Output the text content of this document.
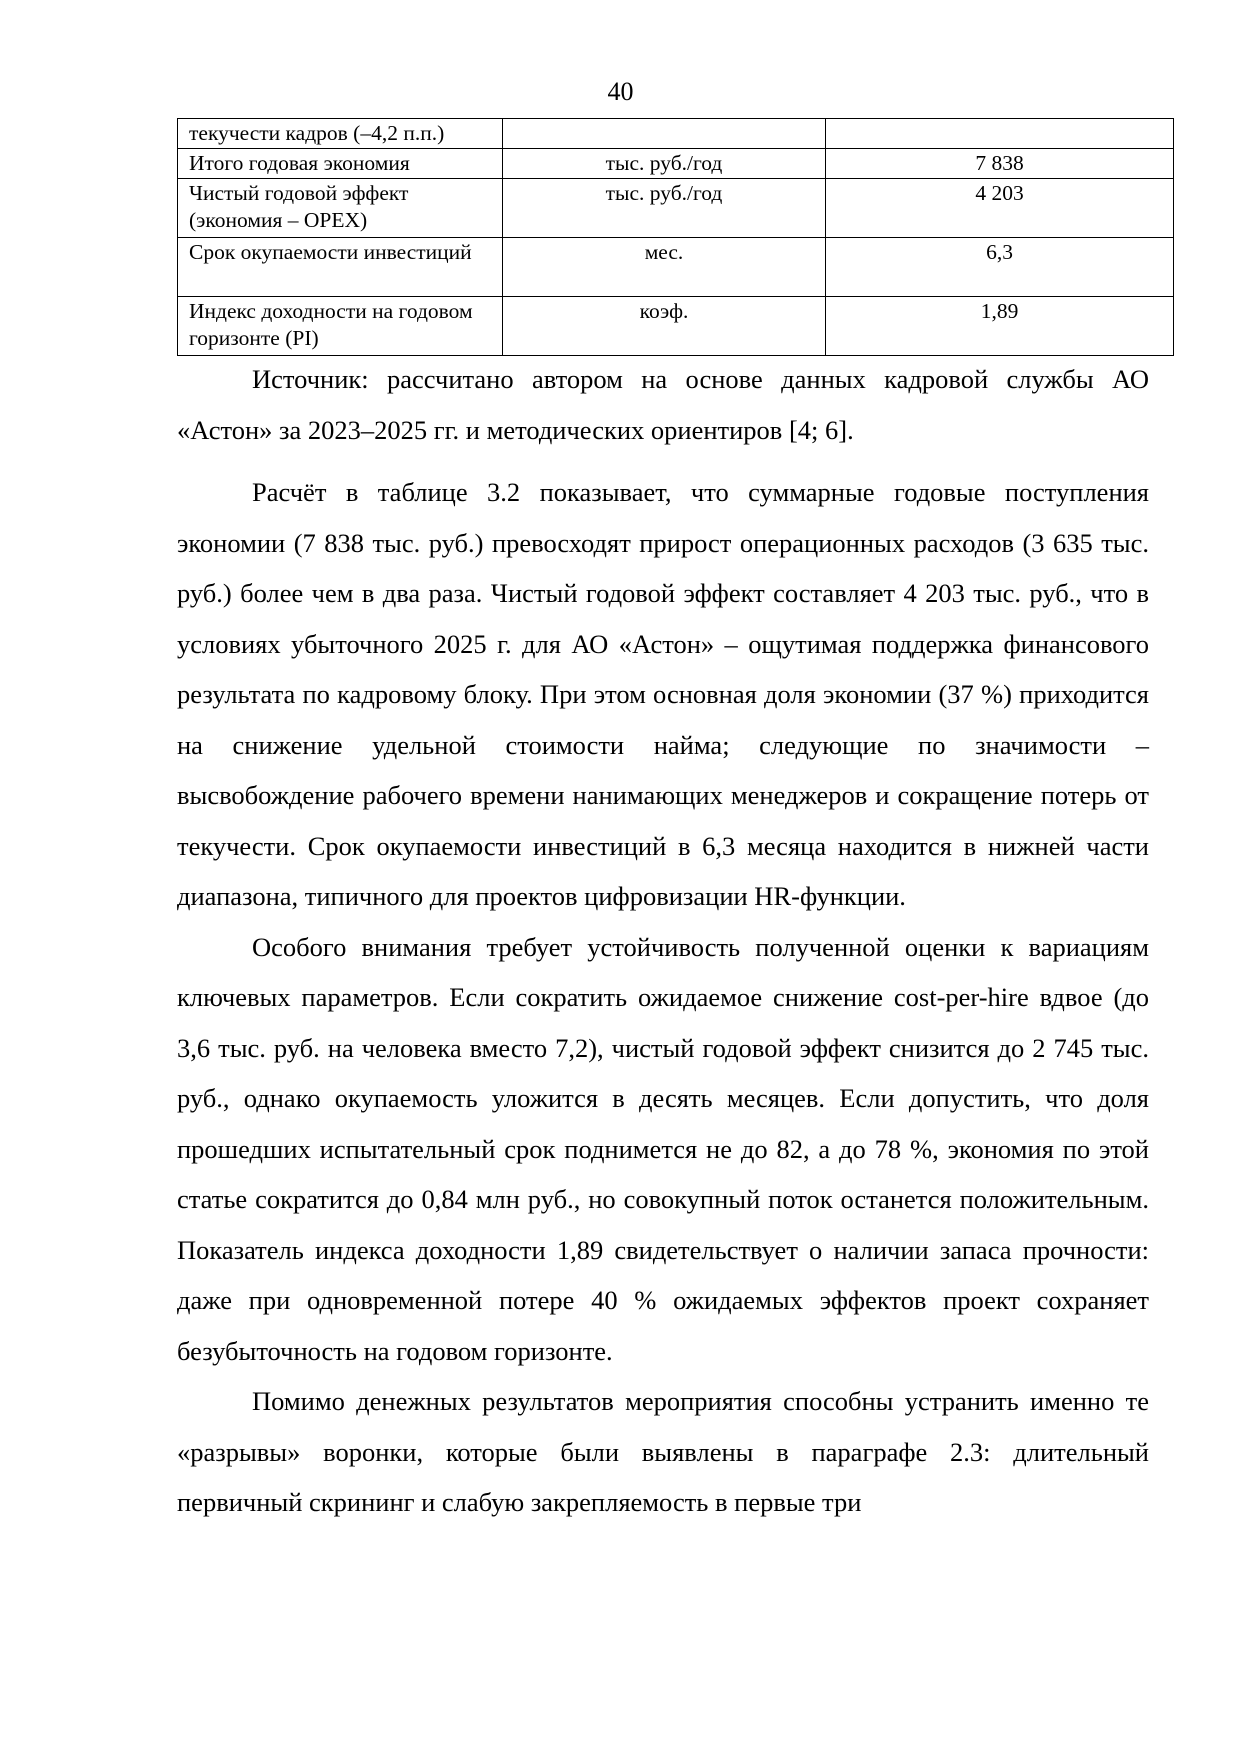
40
текучести кадров (–4,2 п.п.)		
Итого годовая экономия	тыс. руб./год	7 838
Чистый годовой эффект (экономия – OPEX)	тыс. руб./год	4 203
Срок окупаемости инвестиций	мес.	6,3
Индекс доходности на годовом горизонте (PI)	коэф.	1,89

Источник: рассчитано автором на основе данных кадровой службы АО «Астон» за 2023–2025 гг. и методических ориентиров [4; 6].

Расчёт в таблице 3.2 показывает, что суммарные годовые поступления экономии (7 838 тыс. руб.) превосходят прирост операционных расходов (3 635 тыс. руб.) более чем в два раза. Чистый годовой эффект составляет 4 203 тыс. руб., что в условиях убыточного 2025 г. для АО «Астон» – ощутимая поддержка финансового результата по кадровому блоку. При этом основная доля экономии (37 %) приходится на снижение удельной стоимости найма; следующие по значимости – высвобождение рабочего времени нанимающих менеджеров и сокращение потерь от текучести. Срок окупаемости инвестиций в 6,3 месяца находится в нижней части диапазона, типичного для проектов цифровизации HR-функции.

Особого внимания требует устойчивость полученной оценки к вариациям ключевых параметров. Если сократить ожидаемое снижение cost-per-hire вдвое (до 3,6 тыс. руб. на человека вместо 7,2), чистый годовой эффект снизится до 2 745 тыс. руб., однако окупаемость уложится в десять месяцев. Если допустить, что доля прошедших испытательный срок поднимется не до 82, а до 78 %, экономия по этой статье сократится до 0,84 млн руб., но совокупный поток останется положительным. Показатель индекса доходности 1,89 свидетельствует о наличии запаса прочности: даже при одновременной потере 40 % ожидаемых эффектов проект сохраняет безубыточность на годовом горизонте.

Помимо денежных результатов мероприятия способны устранить именно те «разрывы» воронки, которые были выявлены в параграфе 2.3: длительный первичный скрининг и слабую закрепляемость в первые три
